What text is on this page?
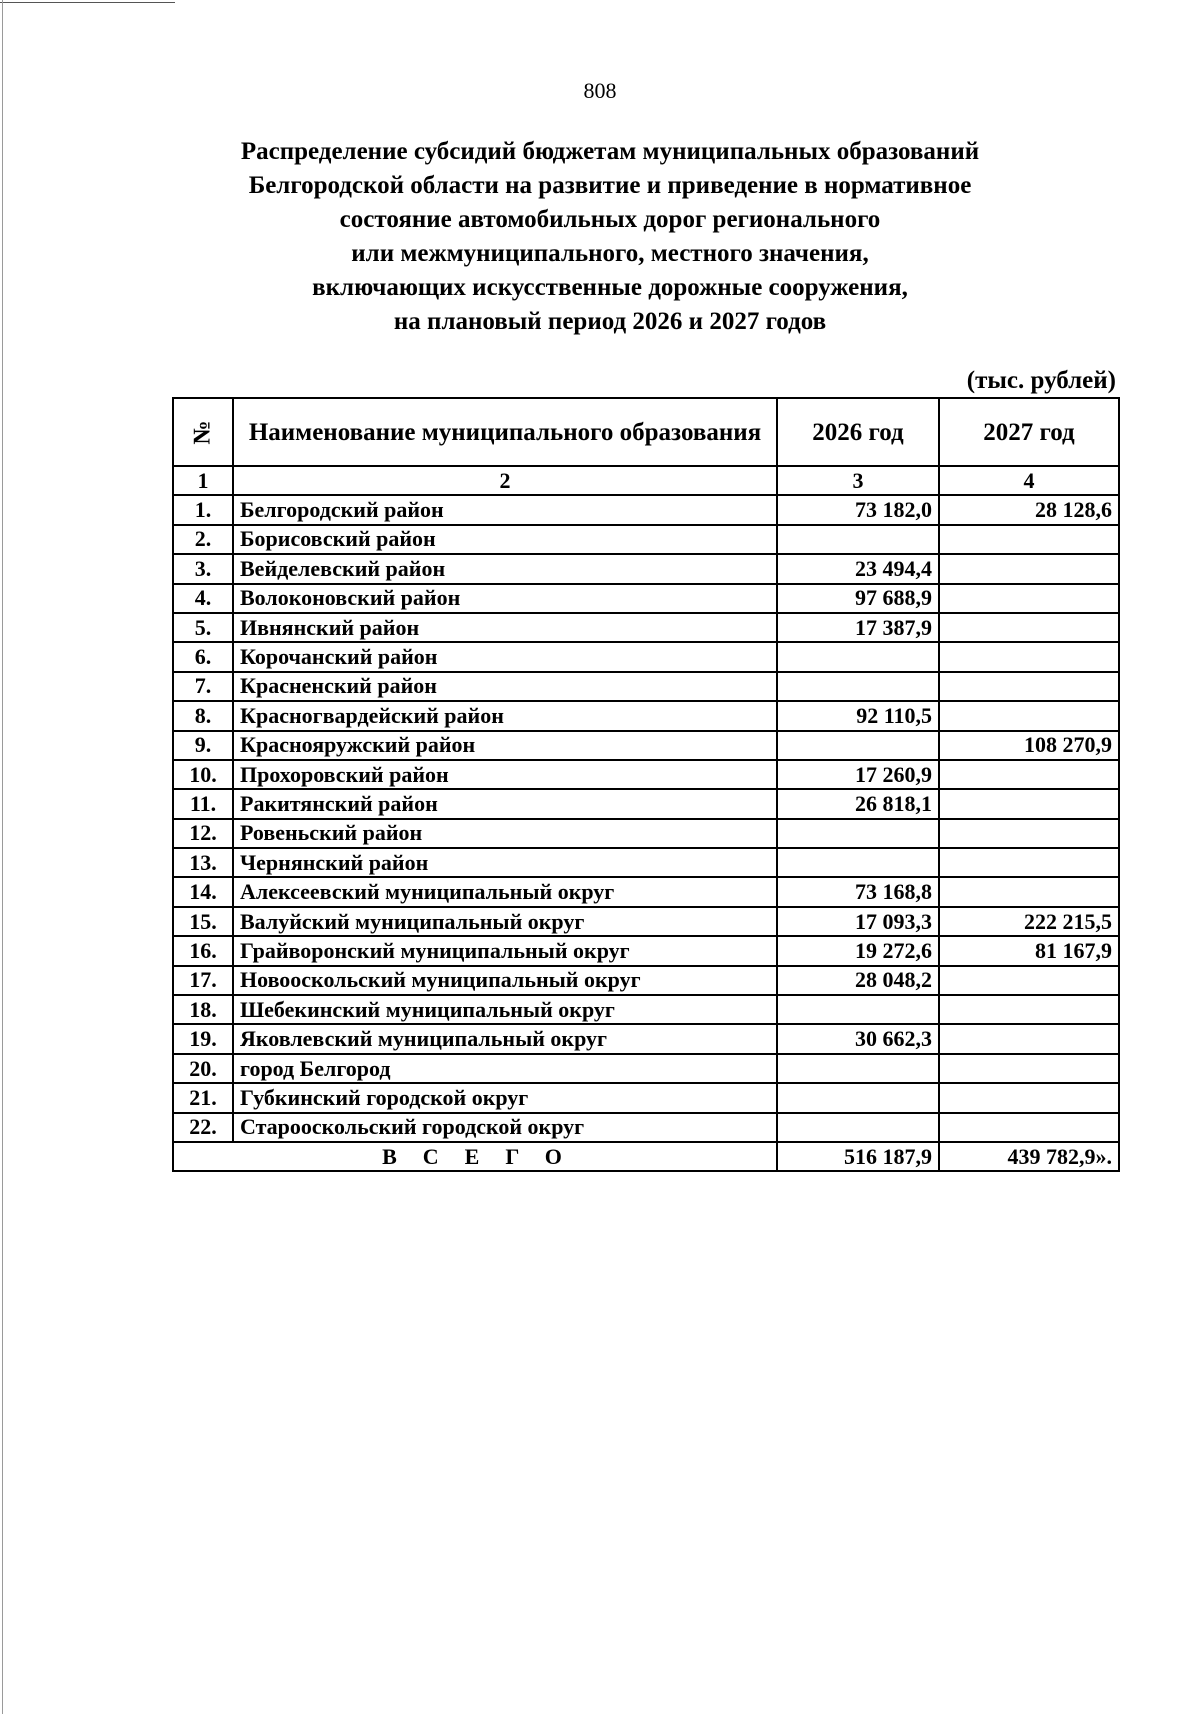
808
Распределение субсидий бюджетам муниципальных образований
Белгородской области на развитие и приведение в нормативное
состояние автомобильных дорог регионального
или межмуниципального, местного значения,
включающих искусственные дорожные сооружения,
на плановый период 2026 и 2027 годов
(тыс. рублей)
№	Наименование муниципального образования	2026 год	2027 год
1	2	3	4
1.	Белгородский район	73 182,0	28 128,6
2.	Борисовский район		
3.	Вейделевский район	23 494,4	
4.	Волоконовский район	97 688,9	
5.	Ивнянский район	17 387,9	
6.	Корочанский район		
7.	Красненский район		
8.	Красногвардейский район	92 110,5	
9.	Краснояружский район		108 270,9
10.	Прохоровский район	17 260,9	
11.	Ракитянский район	26 818,1	
12.	Ровеньский район		
13.	Чернянский район		
14.	Алексеевский муниципальный округ	73 168,8	
15.	Валуйский муниципальный округ	17 093,3	222 215,5
16.	Грайворонский муниципальный округ	19 272,6	81 167,9
17.	Новооскольский муниципальный округ	28 048,2	
18.	Шебекинский муниципальный округ		
19.	Яковлевский муниципальный округ	30 662,3	
20.	город Белгород		
21.	Губкинский городской округ		
22.	Старооскольский городской округ		
ВСЕГО		516 187,9	439 782,9».
